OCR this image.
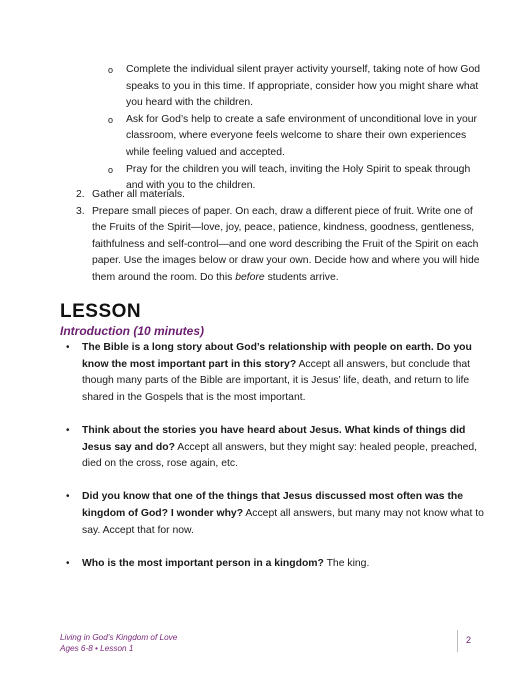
o Complete the individual silent prayer activity yourself, taking note of how God speaks to you in this time. If appropriate, consider how you might share what you heard with the children.
o Ask for God’s help to create a safe environment of unconditional love in your classroom, where everyone feels welcome to share their own experiences while feeling valued and accepted.
o Pray for the children you will teach, inviting the Holy Spirit to speak through and with you to the children.
2. Gather all materials.
3. Prepare small pieces of paper. On each, draw a different piece of fruit. Write one of the Fruits of the Spirit—love, joy, peace, patience, kindness, goodness, gentleness, faithfulness and self-control—and one word describing the Fruit of the Spirit on each paper. Use the images below or draw your own. Decide how and where you will hide them around the room. Do this before students arrive.
LESSON
Introduction (10 minutes)
• The Bible is a long story about God’s relationship with people on earth. Do you know the most important part in this story? Accept all answers, but conclude that though many parts of the Bible are important, it is Jesus’ life, death, and return to life shared in the Gospels that is the most important.
• Think about the stories you have heard about Jesus. What kinds of things did Jesus say and do? Accept all answers, but they might say: healed people, preached, died on the cross, rose again, etc.
• Did you know that one of the things that Jesus discussed most often was the kingdom of God? I wonder why? Accept all answers, but many may not know what to say. Accept that for now.
• Who is the most important person in a kingdom? The king.
Living in God’s Kingdom of Love
Ages 6-8 • Lesson 1
2
